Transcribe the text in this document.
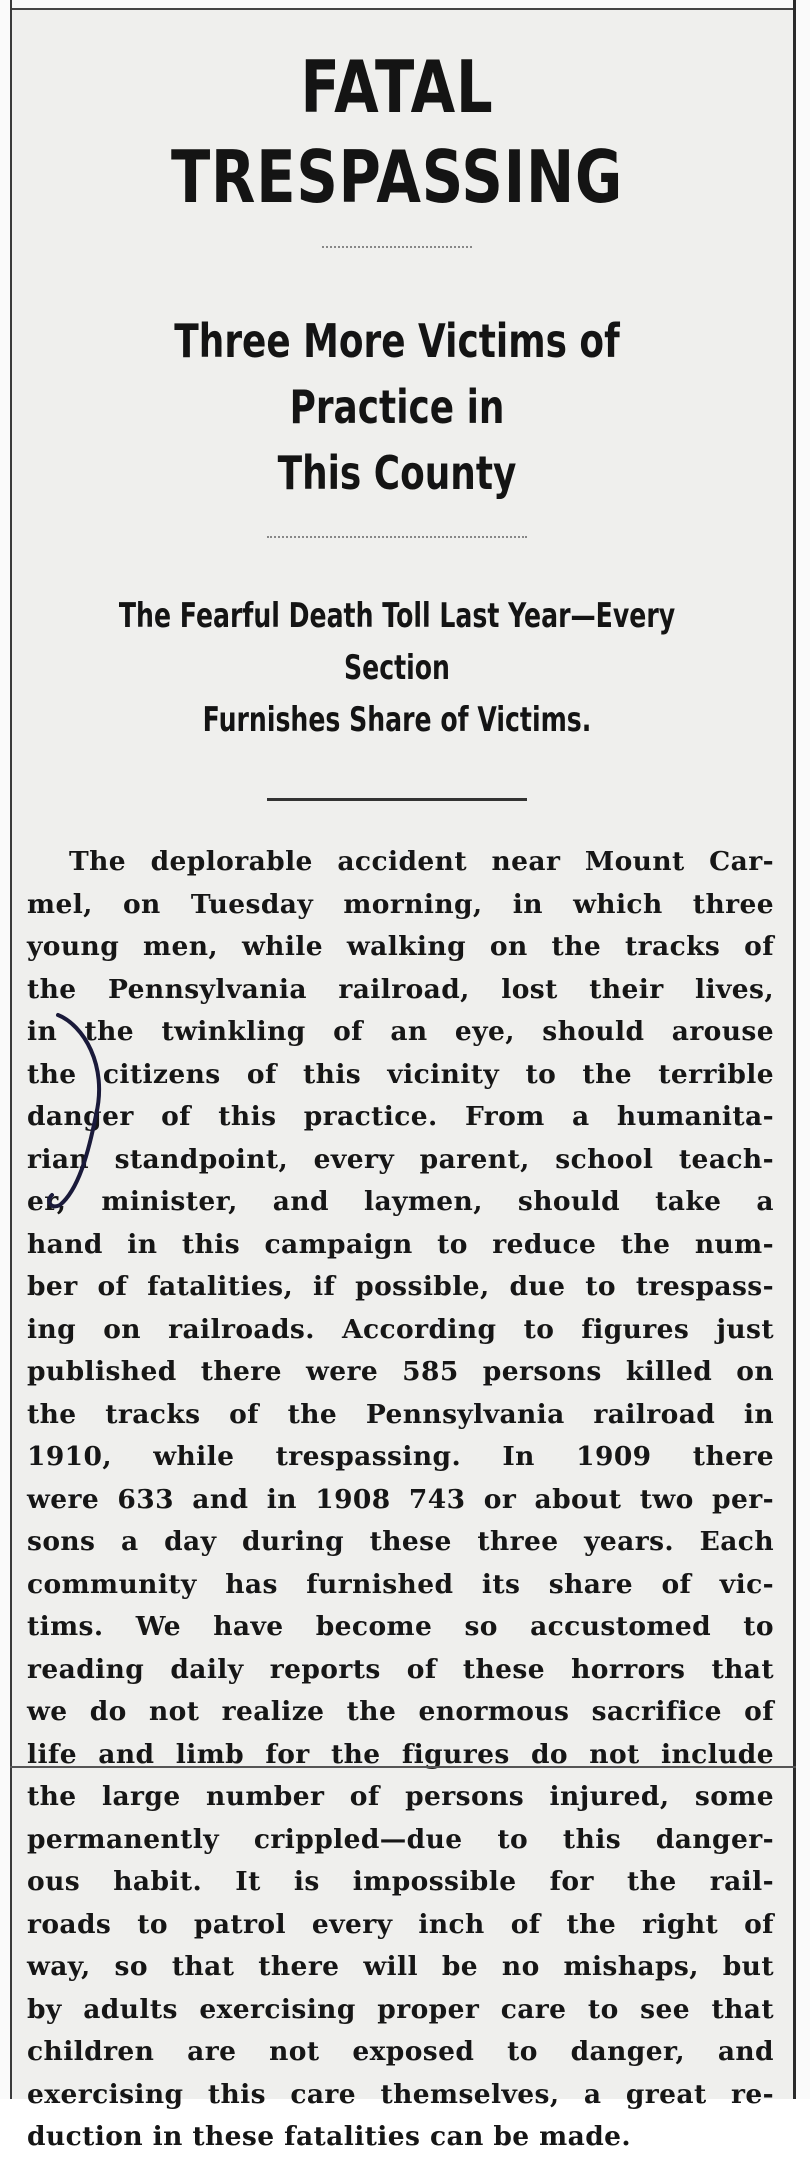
FATAL TRESPASSING
Three More Victims of Practice in
This County
The Fearful Death Toll Last Year—Every Section
Furnishes Share of Victims.
The deplorable accident near Mount Car-
mel, on Tuesday morning, in which three
young men, while walking on the tracks of
the Pennsylvania railroad, lost their lives,
in the twinkling of an eye, should arouse
the citizens of this vicinity to the terrible
danger of this practice. From a humanita-
rian standpoint, every parent, school teach-
er, minister, and laymen, should take a
hand in this campaign to reduce the num-
ber of fatalities, if possible, due to trespass-
ing on railroads. According to figures just
published there were 585 persons killed on
the tracks of the Pennsylvania railroad in
1910, while trespassing. In 1909 there
were 633 and in 1908 743 or about two per-
sons a day during these three years. Each
community has furnished its share of vic-
tims. We have become so accustomed to
reading daily reports of these horrors that
we do not realize the enormous sacrifice of
life and limb for the figures do not include
the large number of persons injured, some
permanently crippled—due to this danger-
ous habit. It is impossible for the rail-
roads to patrol every inch of the right of
way, so that there will be no mishaps, but
by adults exercising proper care to see that
children are not exposed to danger, and
exercising this care themselves, a great re-
duction in these fatalities can be made.
